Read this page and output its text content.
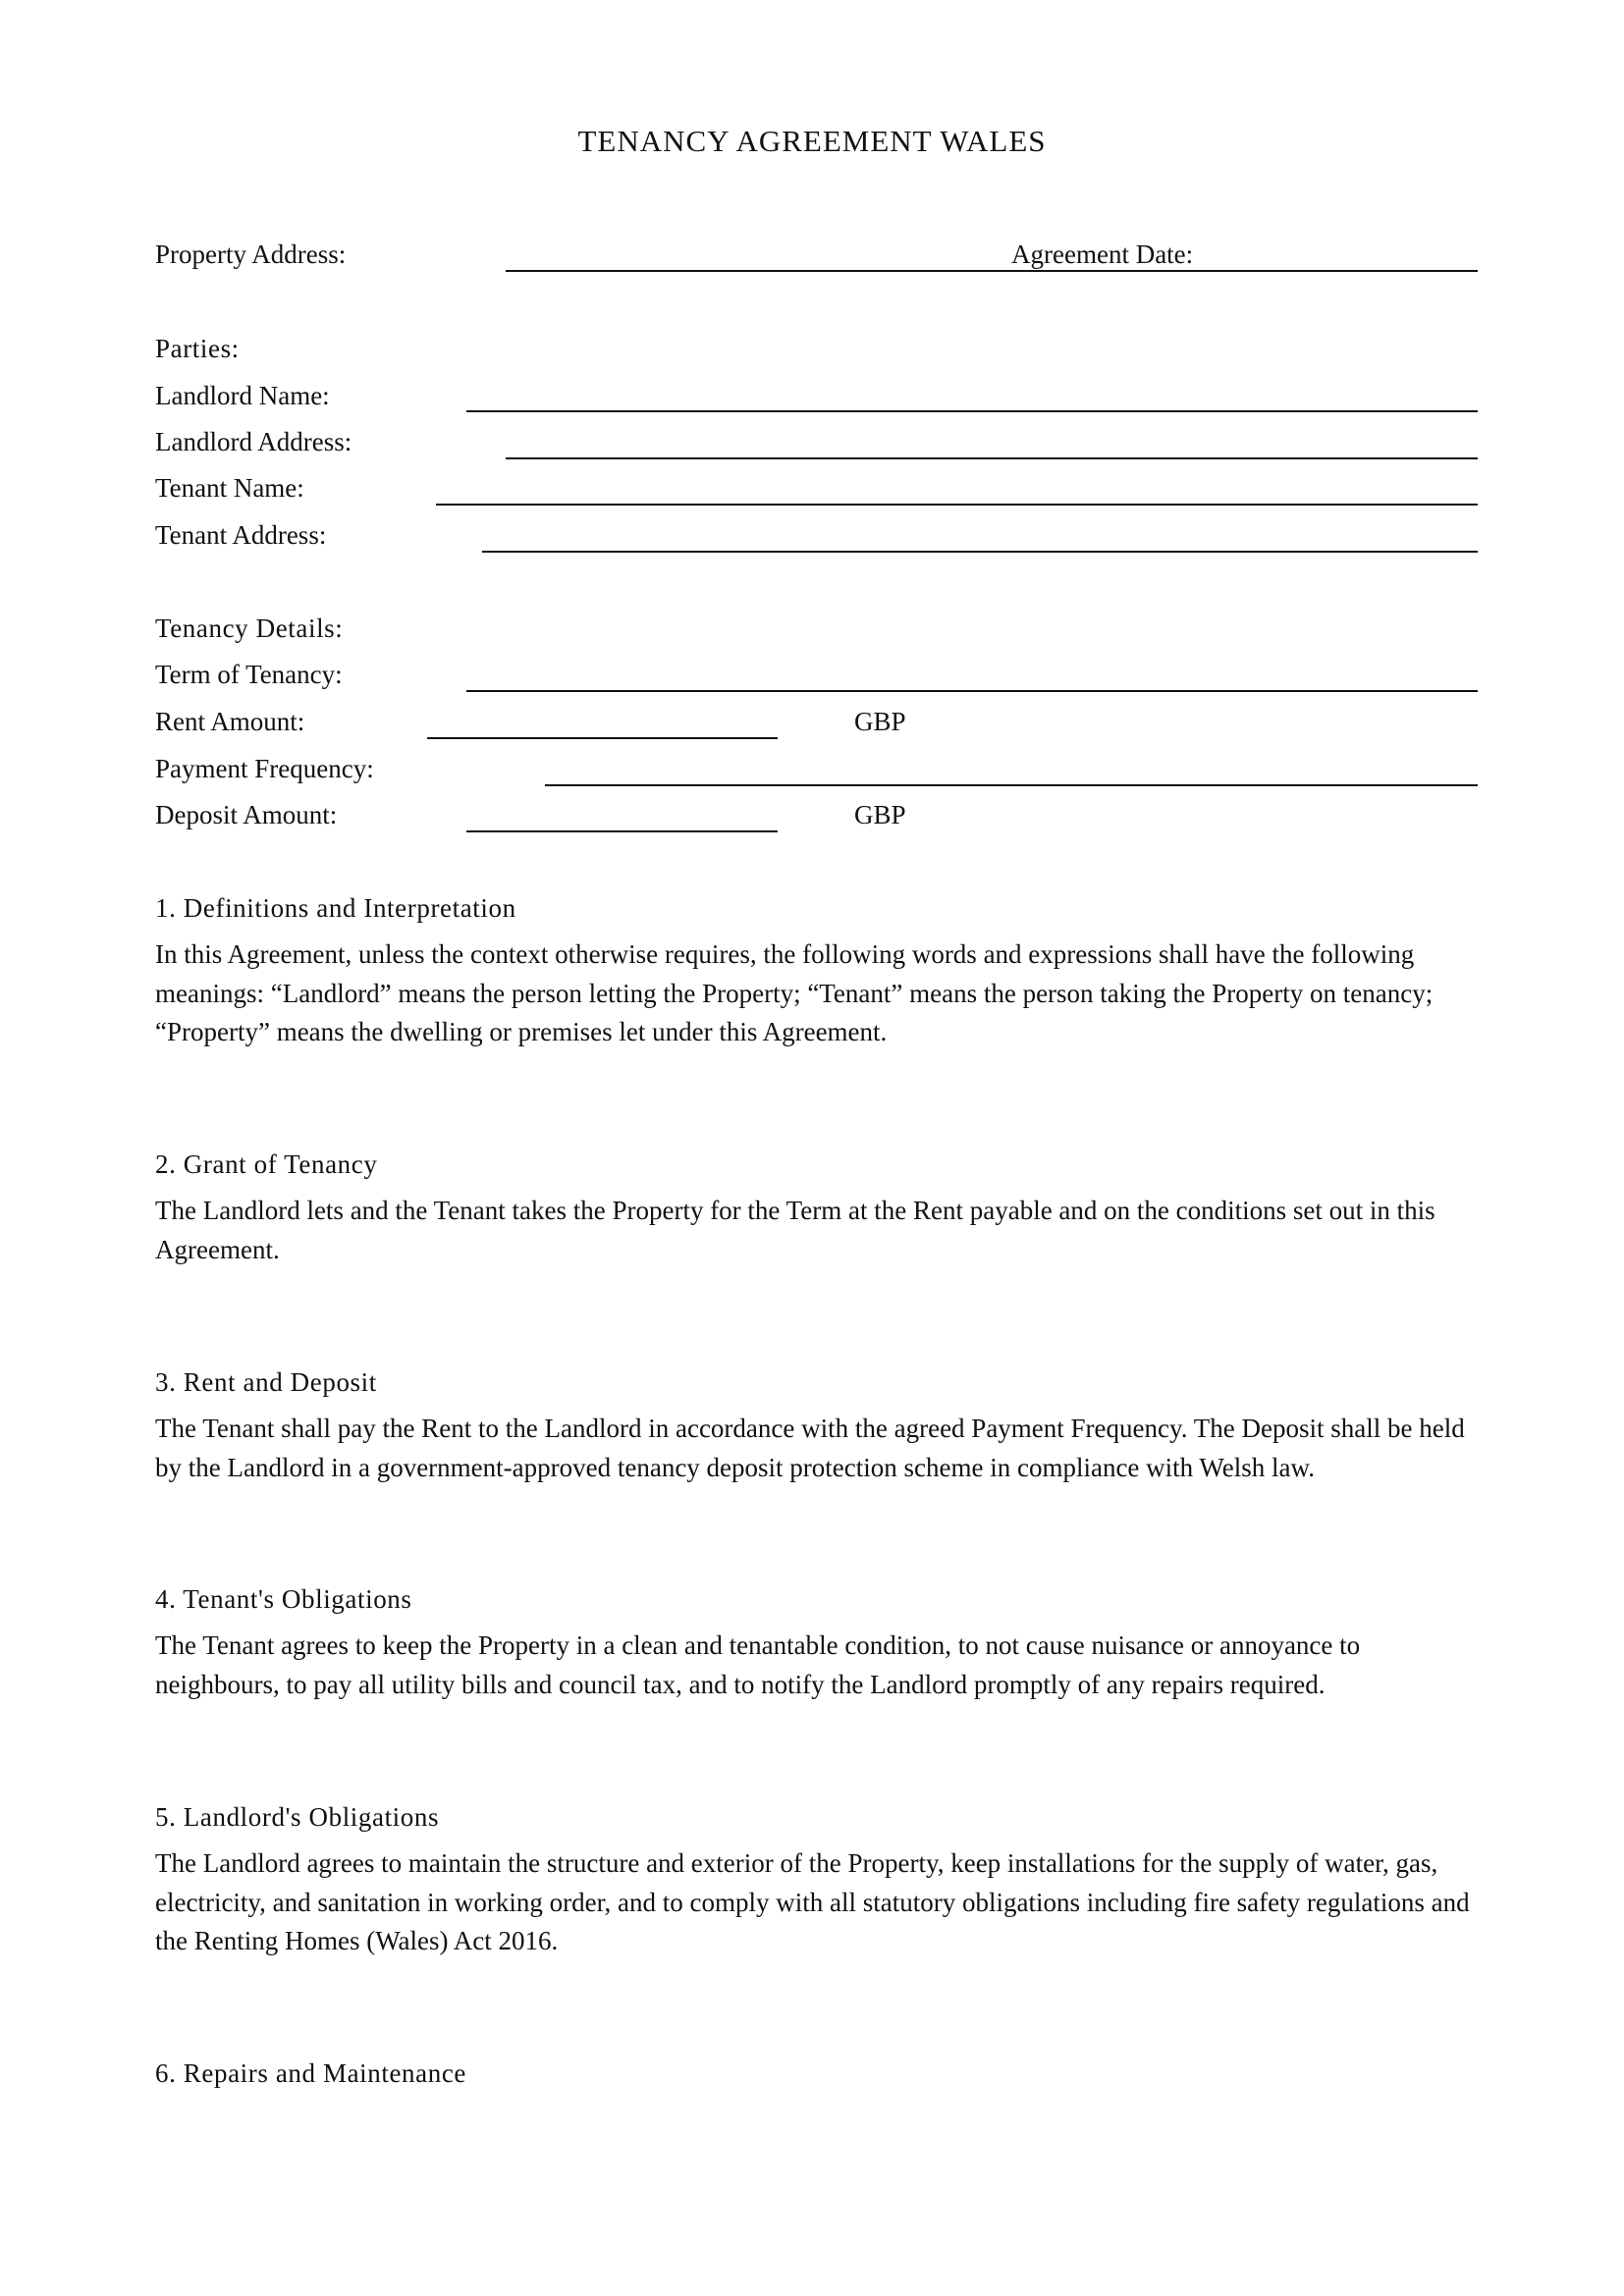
TENANCY AGREEMENT WALES
Property Address:	Agreement Date:
Parties:
Landlord Name:
Landlord Address:
Tenant Name:
Tenant Address:
Tenancy Details:
Term of Tenancy:
Rent Amount:	GBP
Payment Frequency:
Deposit Amount:	GBP
1. Definitions and Interpretation
In this Agreement, unless the context otherwise requires, the following words and expressions shall have the following meanings: “Landlord” means the person letting the Property; “Tenant” means the person taking the Property on tenancy; “Property” means the dwelling or premises let under this Agreement.
2. Grant of Tenancy
The Landlord lets and the Tenant takes the Property for the Term at the Rent payable and on the conditions set out in this Agreement.
3. Rent and Deposit
The Tenant shall pay the Rent to the Landlord in accordance with the agreed Payment Frequency. The Deposit shall be held by the Landlord in a government-approved tenancy deposit protection scheme in compliance with Welsh law.
4. Tenant's Obligations
The Tenant agrees to keep the Property in a clean and tenantable condition, to not cause nuisance or annoyance to neighbours, to pay all utility bills and council tax, and to notify the Landlord promptly of any repairs required.
5. Landlord's Obligations
The Landlord agrees to maintain the structure and exterior of the Property, keep installations for the supply of water, gas, electricity, and sanitation in working order, and to comply with all statutory obligations including fire safety regulations and the Renting Homes (Wales) Act 2016.
6. Repairs and Maintenance
